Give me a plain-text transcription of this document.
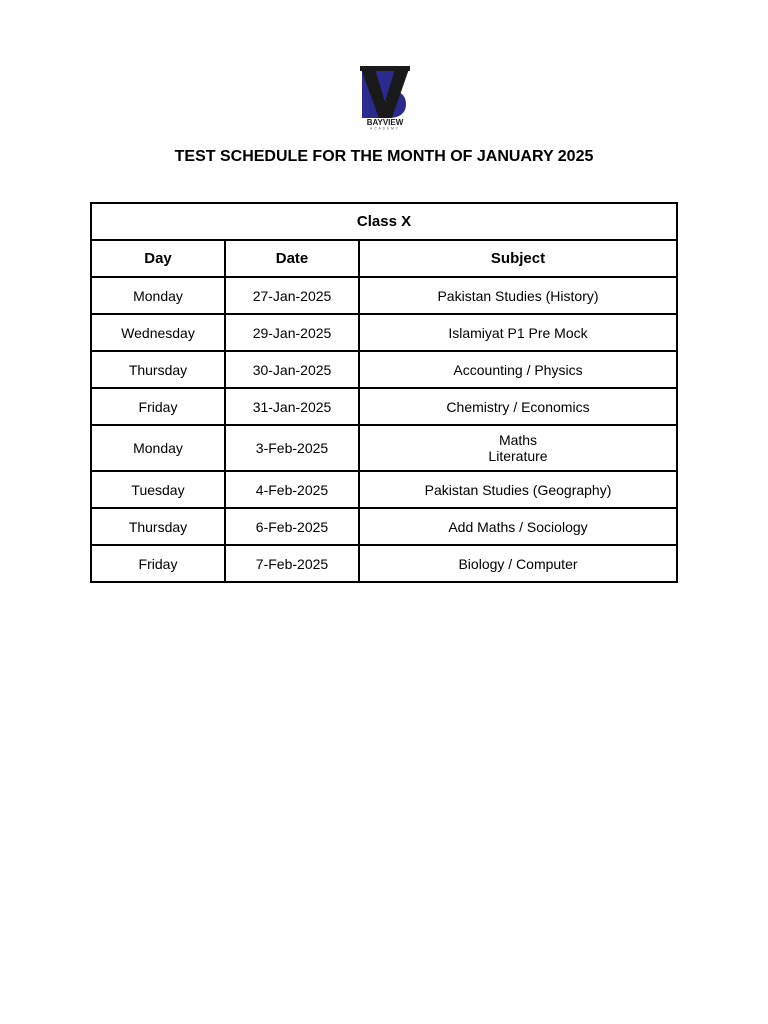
BAYVIEW
ACADEMY
TEST SCHEDULE FOR THE MONTH OF JANUARY 2025
Class X		
Day	Date	Subject
Monday	27-Jan-2025	Pakistan Studies (History)
Wednesday	29-Jan-2025	Islamiyat P1 Pre Mock
Thursday	30-Jan-2025	Accounting / Physics
Friday	31-Jan-2025	Chemistry / Economics
Monday	3-Feb-2025	Maths
Literature

Tuesday	4-Feb-2025	Pakistan Studies (Geography)
Thursday	6-Feb-2025	Add Maths / Sociology
Friday	7-Feb-2025	Biology / Computer
